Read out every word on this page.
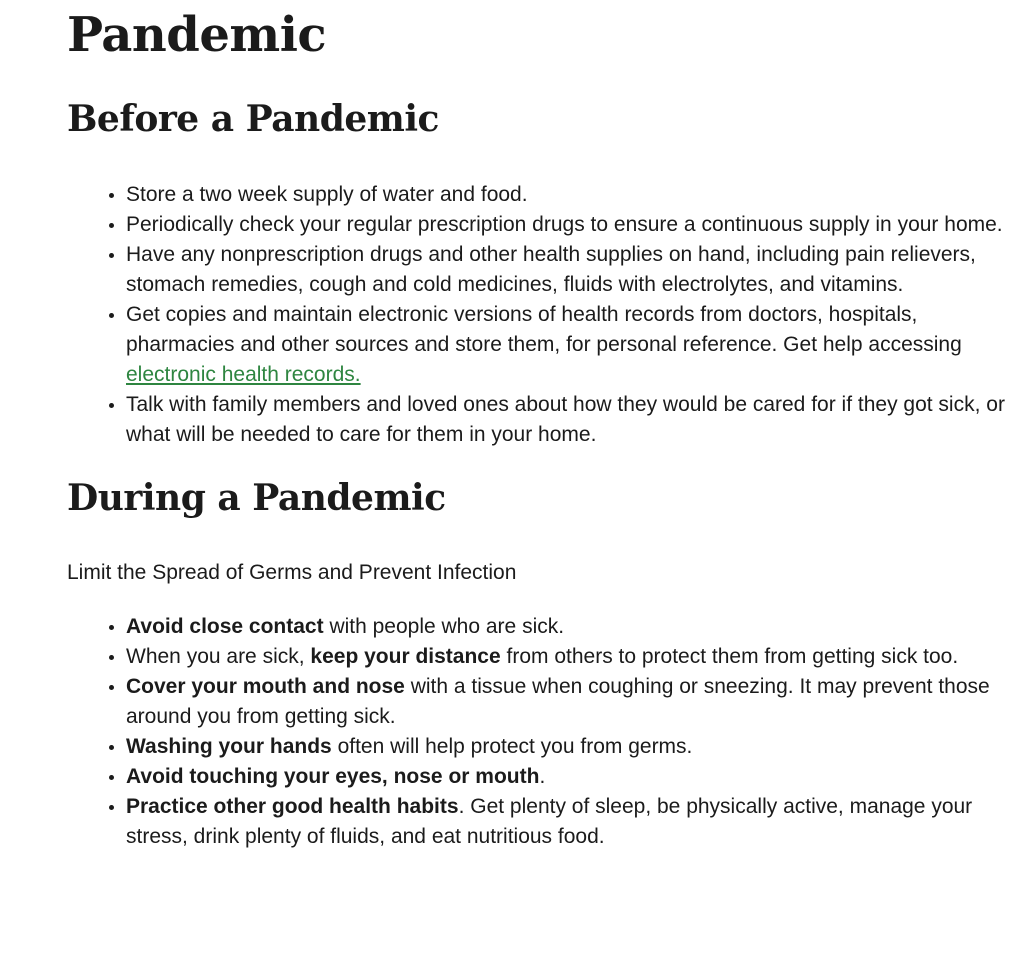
Pandemic
Before a Pandemic
Store a two week supply of water and food.
Periodically check your regular prescription drugs to ensure a continuous supply in your home.
Have any nonprescription drugs and other health supplies on hand, including pain relievers, stomach remedies, cough and cold medicines, fluids with electrolytes, and vitamins.
Get copies and maintain electronic versions of health records from doctors, hospitals, pharmacies and other sources and store them, for personal reference. Get help accessing electronic health records.
Talk with family members and loved ones about how they would be cared for if they got sick, or what will be needed to care for them in your home.
During a Pandemic

Limit the Spread of Germs and Prevent Infection

Avoid close contact with people who are sick.
When you are sick, keep your distance from others to protect them from getting sick too.
Cover your mouth and nose with a tissue when coughing or sneezing. It may prevent those around you from getting sick.
Washing your hands often will help protect you from germs.
Avoid touching your eyes, nose or mouth.
Practice other good health habits. Get plenty of sleep, be physically active, manage your stress, drink plenty of fluids, and eat nutritious food.
